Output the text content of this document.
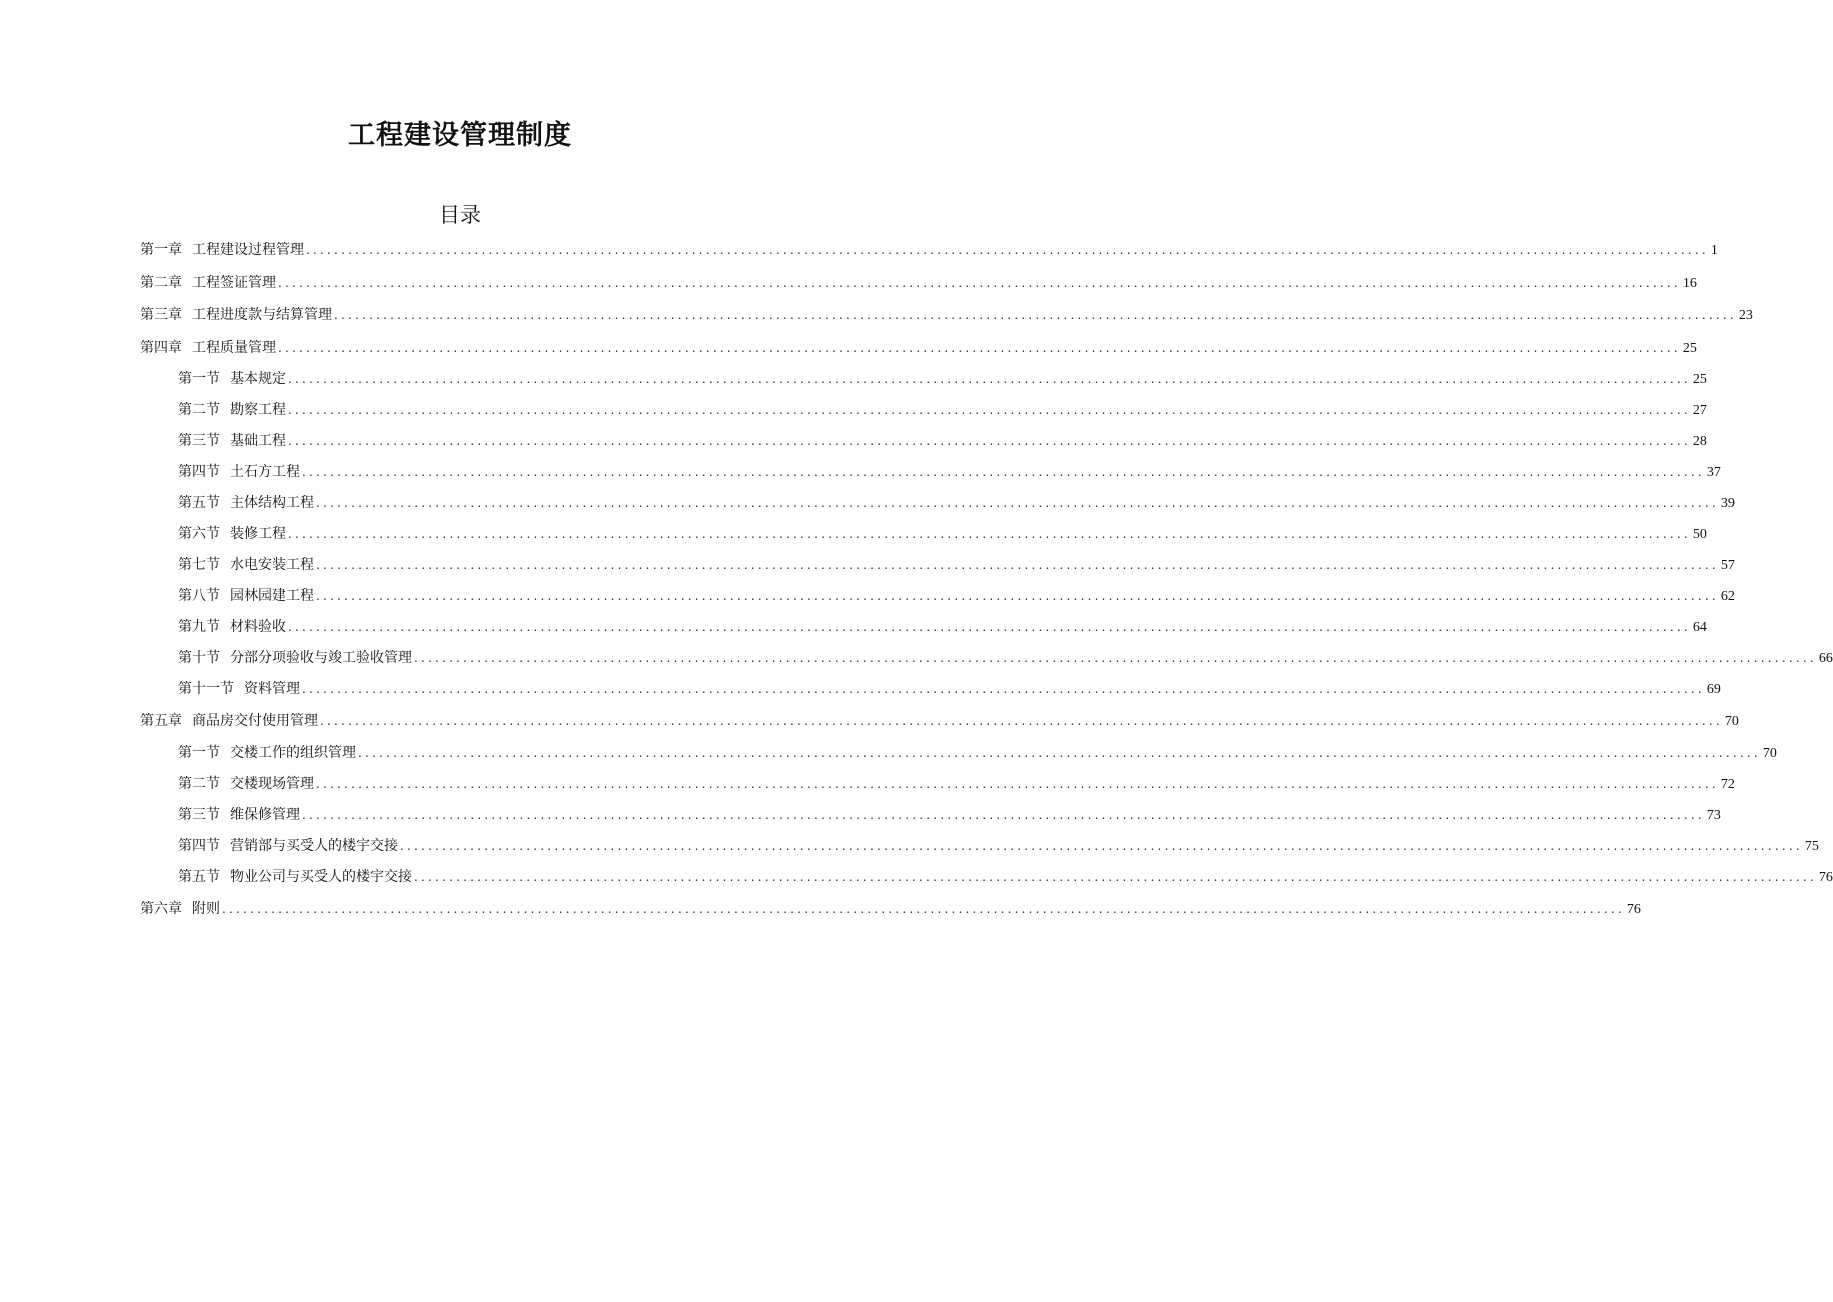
工程建设管理制度
目录
第一章 工程建设过程管理 ........................................................................................................................................................................................................ 1
第二章 工程签证管理 ........................................................................................................................................................................................................ 16
第三章 工程进度款与结算管理 ........................................................................................................................................................................................................ 23
第四章 工程质量管理 ........................................................................................................................................................................................................ 25
第一节 基本规定 ........................................................................................................................................................................................................ 25
第二节 勘察工程 ........................................................................................................................................................................................................ 27
第三节 基础工程 ........................................................................................................................................................................................................ 28
第四节 土石方工程 ........................................................................................................................................................................................................ 37
第五节 主体结构工程 ........................................................................................................................................................................................................ 39
第六节 装修工程 ........................................................................................................................................................................................................ 50
第七节 水电安装工程 ........................................................................................................................................................................................................ 57
第八节 园林园建工程 ........................................................................................................................................................................................................ 62
第九节 材料验收 ........................................................................................................................................................................................................ 64
第十节 分部分项验收与竣工验收管理 ........................................................................................................................................................................................................ 66
第十一节 资料管理 ........................................................................................................................................................................................................ 69
第五章 商品房交付使用管理 ........................................................................................................................................................................................................ 70
第一节 交楼工作的组织管理 ........................................................................................................................................................................................................ 70
第二节 交楼现场管理 ........................................................................................................................................................................................................ 72
第三节 维保修管理 ........................................................................................................................................................................................................ 73
第四节 营销部与买受人的楼宇交接 ........................................................................................................................................................................................................ 75
第五节 物业公司与买受人的楼宇交接 ........................................................................................................................................................................................................ 76
第六章 附则 ........................................................................................................................................................................................................ 76
